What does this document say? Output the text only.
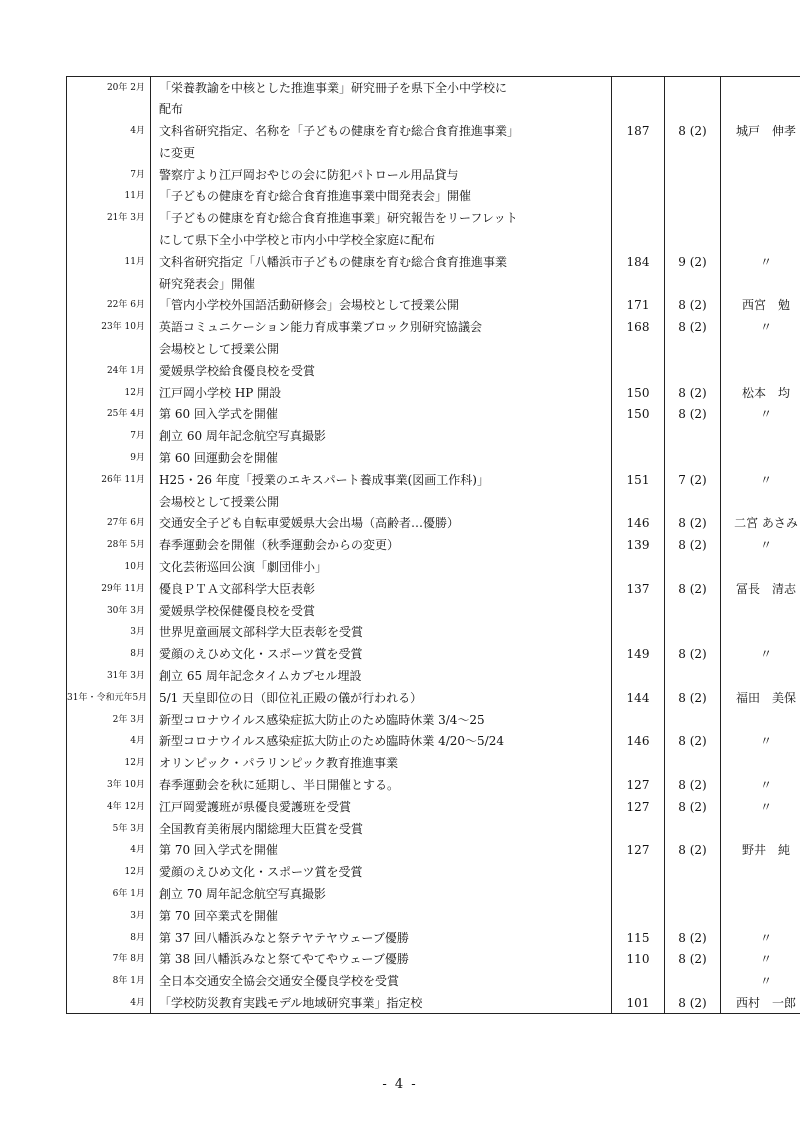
20年 2月	「栄養教諭を中核とした推進事業」研究冊子を県下全小中学校に			
	配布			
4月	文科省研究指定、名称を「子どもの健康を育む総合食育推進事業」	187	8 (2)	城戸　伸孝
	に変更			
7月	警察庁より江戸岡おやじの会に防犯パトロール用品貸与			
11月	「子どもの健康を育む総合食育推進事業中間発表会」開催			
21年 3月	「子どもの健康を育む総合食育推進事業」研究報告をリーフレット			
	にして県下全小中学校と市内小中学校全家庭に配布			
11月	文科省研究指定「八幡浜市子どもの健康を育む総合食育推進事業	184	9 (2)	〃
	研究発表会」開催			
22年 6月	「管内小学校外国語活動研修会」会場校として授業公開	171	8 (2)	西宮　勉
23年 10月	英語コミュニケーション能力育成事業ブロック別研究協議会	168	8 (2)	〃
	会場校として授業公開			
24年 1月	愛媛県学校給食優良校を受賞			
12月	江戸岡小学校 HP 開設	150	8 (2)	松本　均
25年 4月	第 60 回入学式を開催	150	8 (2)	〃
7月	創立 60 周年記念航空写真撮影			
9月	第 60 回運動会を開催			
26年 11月	H25・26 年度「授業のエキスパート養成事業(図画工作科)」	151	7 (2)	〃
	会場校として授業公開			
27年 6月	交通安全子ども自転車愛媛県大会出場（高齢者…優勝）	146	8 (2)	二宮 あさみ
28年 5月	春季運動会を開催（秋季運動会からの変更）	139	8 (2)	〃
10月	文化芸術巡回公演「劇団俳小」			
29年 11月	優良ＰＴＡ文部科学大臣表彰	137	8 (2)	冨長　清志
30年 3月	愛媛県学校保健優良校を受賞			
3月	世界児童画展文部科学大臣表彰を受賞			
8月	愛顔のえひめ文化・スポーツ賞を受賞	149	8 (2)	〃
31年 3月	創立 65 周年記念タイムカプセル埋設			
31年・令和元年5月	5/1 天皇即位の日（即位礼正殿の儀が行われる）	144	8 (2)	福田　美保
2年 3月	新型コロナウイルス感染症拡大防止のため臨時休業 3/4～25			
4月	新型コロナウイルス感染症拡大防止のため臨時休業 4/20～5/24	146	8 (2)	〃
12月	オリンピック・パラリンピック教育推進事業			
3年 10月	春季運動会を秋に延期し、半日開催とする。	127	8 (2)	〃
4年 12月	江戸岡愛護班が県優良愛護班を受賞	127	8 (2)	〃
5年 3月	全国教育美術展内閣総理大臣賞を受賞			
4月	第 70 回入学式を開催	127	8 (2)	野井　純
12月	愛顔のえひめ文化・スポーツ賞を受賞			
6年 1月	創立 70 周年記念航空写真撮影			
3月	第 70 回卒業式を開催			
8月	第 37 回八幡浜みなと祭テヤテヤウェーブ優勝	115	8 (2)	〃
7年 8月	第 38 回八幡浜みなと祭てやてやウェーブ優勝	110	8 (2)	〃
8年 1月	全日本交通安全協会交通安全優良学校を受賞			〃
4月	「学校防災教育実践モデル地域研究事業」指定校	101	8 (2)	西村　一郎
- 4 -
